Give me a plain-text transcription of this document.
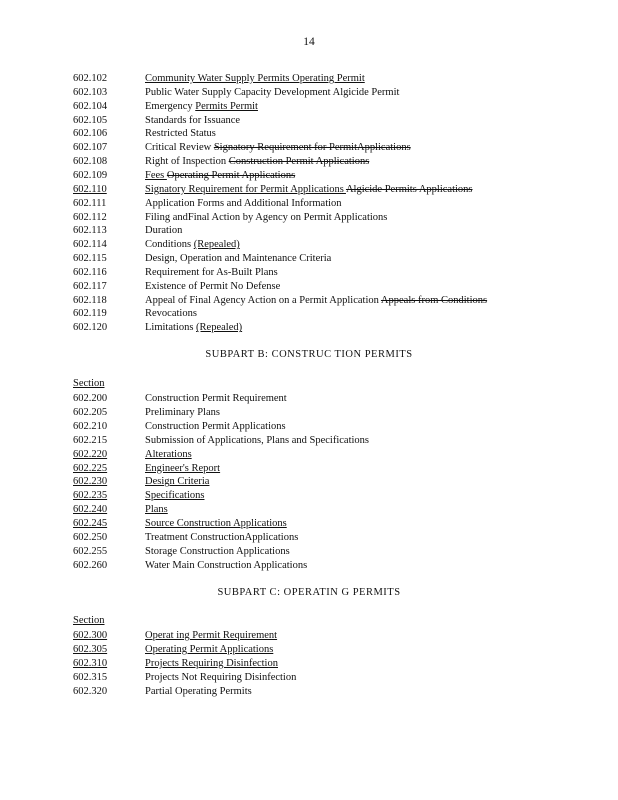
14
602.102	Community Water Supply Permits Operating Permit
602.103	Public Water Supply Capacity Development Algicide Permit
602.104	Emergency Permits Permit
602.105	Standards for Issuance
602.106	Restricted Status
602.107	Critical Review Signatory Requirement for PermitApplications
602.108	Right of Inspection Construction Permit Applications
602.109	Fees Operating Permit Applications
602.110	Signatory Requirement for Permit Applications Algicide Permits Applications
602.111	Application Forms and Additional Information
602.112	Filing andFinal Action by Agency on Permit Applications
602.113	Duration
602.114	Conditions (Repealed)
602.115	Design, Operation and Maintenance Criteria
602.116	Requirement for As-Built Plans
602.117	Existence of Permit No Defense
602.118	Appeal of Final Agency Action on a Permit Application Appeals from Conditions
602.119	Revocations
602.120	Limitations (Repealed)
SUBPART B: CONSTRUC TION PERMITS
Section
602.200	Construction Permit Requirement
602.205	Preliminary Plans
602.210	Construction Permit Applications
602.215	Submission of Applications, Plans and Specifications
602.220	Alterations
602.225	Engineer's Report
602.230	Design Criteria
602.235	Specifications
602.240	Plans
602.245	Source Construction Applications
602.250	Treatment ConstructionApplications
602.255	Storage Construction Applications
602.260	Water Main Construction Applications
SUBPART C: OPERATIN G PERMITS
Section
602.300	Operat ing Permit Requirement
602.305	Operating Permit Applications
602.310	Projects Requiring Disinfection
602.315	Projects Not Requiring Disinfection
602.320	Partial Operating Permits
